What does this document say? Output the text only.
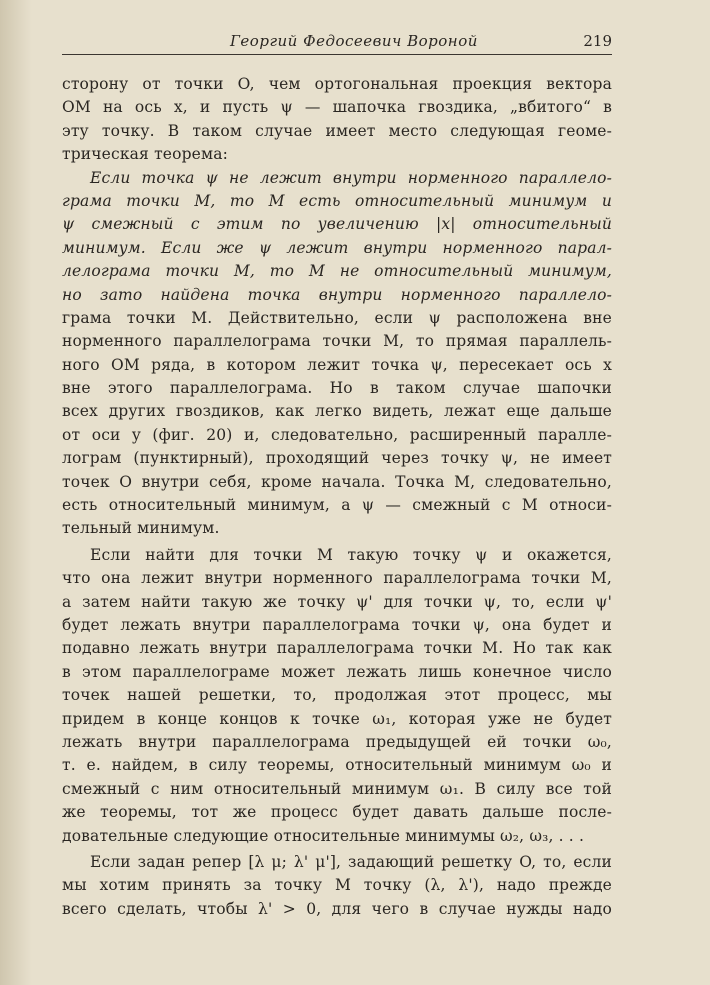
Георгий Федосеевич Вороной	219
сторону от точки O, чем ортогональная проекция вектора
OM на ось x, и пусть ψ — шапочка гвоздика, „вбитого“ в
эту точку. В таком случае имеет место следующая геоме-
трическая теорема:
Если точка ψ не лежит внутри норменного параллело-
грама точки M, то M есть относительный минимум и
ψ смежный с этим по увеличению |x| относительный
минимум. Если же ψ лежит внутри норменного парал-
лелограма точки M, то M не относительный минимум,
но зато найдена точка внутри норменного параллело-
грама точки M. Действительно, если ψ расположена вне
норменного параллелограма точки M, то прямая параллель-
ного OM ряда, в котором лежит точка ψ, пересекает ось x
вне этого параллелограма. Но в таком случае шапочки
всех других гвоздиков, как легко видеть, лежат еще дальше
от оси y (фиг. 20) и, следовательно, расширенный паралле-
лограм (пунктирный), проходящий через точку ψ, не имеет
точек O внутри себя, кроме начала. Точка M, следовательно,
есть относительный минимум, а ψ — смежный с M относи-
тельный минимум.
Если найти для точки M такую точку ψ и окажется,
что она лежит внутри норменного параллелограма точки M,
а затем найти такую же точку ψ' для точки ψ, то, если ψ'
будет лежать внутри параллелограма точки ψ, она будет и
подавно лежать внутри параллелограма точки M. Но так как
в этом параллелограме может лежать лишь конечное число
точек нашей решетки, то, продолжая этот процесс, мы
придем в конце концов к точке ω₁, которая уже не будет
лежать внутри параллелограма предыдущей ей точки ω₀,
т. е. найдем, в силу теоремы, относительный минимум ω₀ и
смежный с ним относительный минимум ω₁. В силу все той
же теоремы, тот же процесс будет давать дальше после-
довательные следующие относительные минимумы ω₂, ω₃, . . .
Если задан репер [λ μ; λ' μ'], задающий решетку O, то, если
мы хотим принять за точку M точку (λ, λ'), надо прежде
всего сделать, чтобы λ' > 0, для чего в случае нужды надо
